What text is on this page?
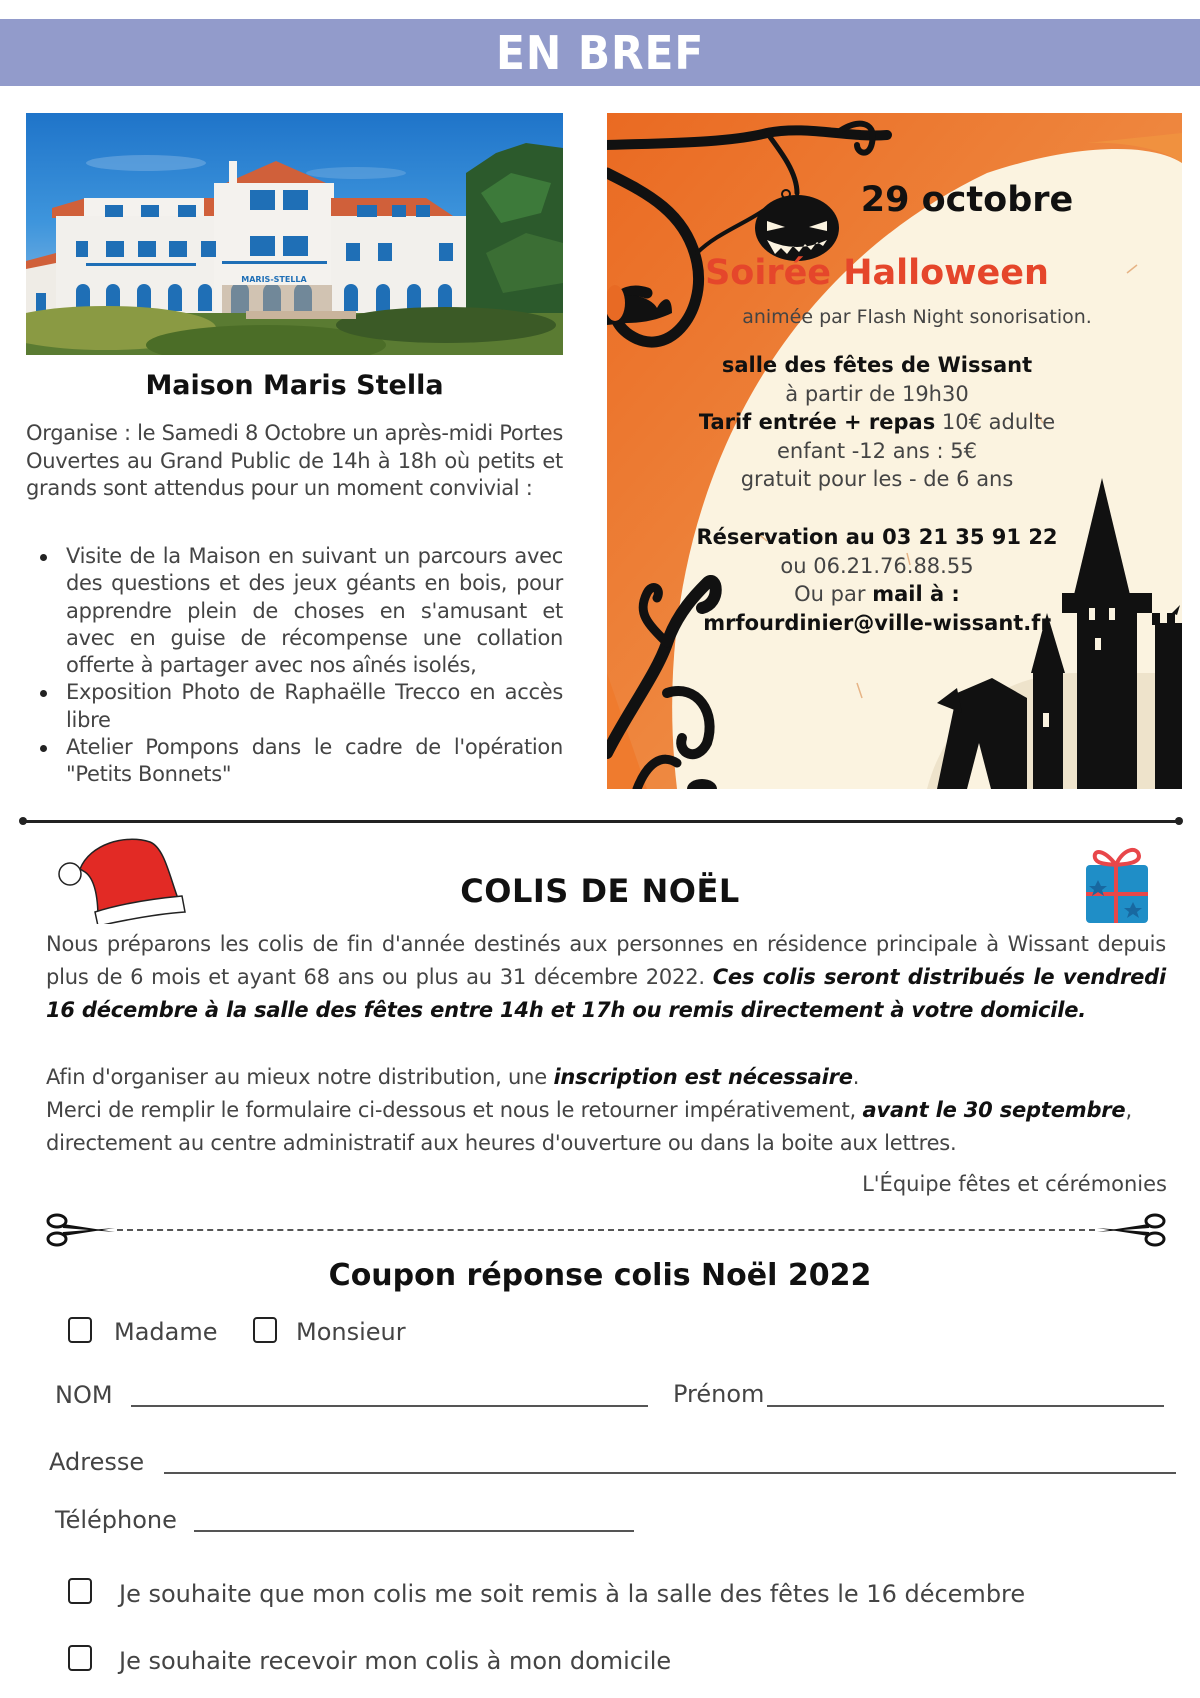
EN BREF
MARIS-STELLA
Maison Maris Stella
Organise : le Samedi 8 Octobre un après-midi Portes Ouvertes au Grand Public de 14h à 18h où petits et grands sont attendus pour un moment convivial :
Visite de la Maison en suivant un parcours avec des questions et des jeux géants en bois, pour apprendre plein de choses en s'amusant et avec en guise de récompense une collation offerte à partager avec nos aînés isolés,
Exposition Photo de Raphaëlle Trecco en accès libre
Atelier Pompons dans le cadre de l'opération "Petits Bonnets"
29 octobre
Soirée Halloween
animée par Flash Night sonorisation.
salle des fêtes de Wissant
à partir de 19h30
Tarif entrée + repas 10€ adulte
enfant -12 ans : 5€
gratuit pour les - de 6 ans
Réservation au 03 21 35 91 22
ou 06.21.76.88.55
Ou par mail à :
mrfourdinier@ville-wissant.fr
COLIS DE NOËL
Nous préparons les colis de fin d'année destinés aux personnes en résidence principale à Wissant depuis plus de 6 mois et ayant 68 ans ou plus au 31 décembre 2022. Ces colis seront distribués le vendredi 16 décembre à la salle des fêtes entre 14h et 17h ou remis directement à votre domicile.
Afin d'organiser au mieux notre distribution, une inscription est nécessaire.
Merci de remplir le formulaire ci-dessous et nous le retourner impérativement, avant le 30 septembre, directement au centre administratif aux heures d'ouverture ou dans la boite aux lettres.
L'Équipe fêtes et cérémonies
Coupon réponse colis Noël 2022
Madame	Monsieur
NOM	Prénom
Adresse
Téléphone
Je souhaite que mon colis me soit remis à la salle des fêtes le 16 décembre
Je souhaite recevoir mon colis à mon domicile
